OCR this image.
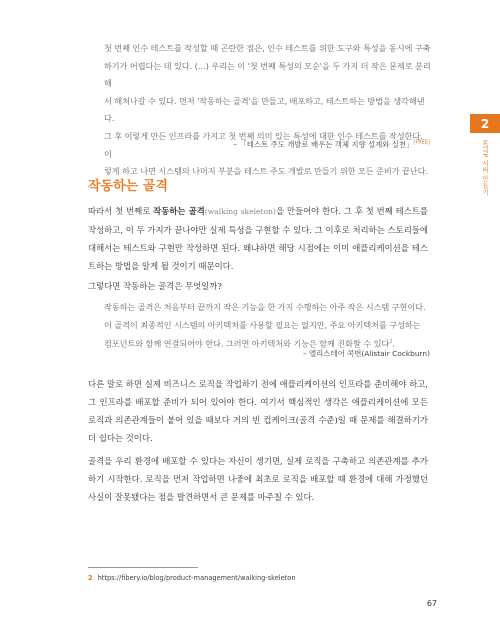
첫 번째 인수 테스트를 작성할 때 곤란한 점은, 인수 테스트를 위한 도구와 특성을 동시에 구축

하기가 어렵다는 데 있다. (…) 우리는 이 '첫 번째 특성의 모순'을 두 가지 더 작은 문제로 분리해

서 해쳐나갈 수 있다. 먼저 '작동하는 골격'을 만들고, 배포하고, 테스트하는 방법을 생각해낸다.

그 후 이렇게 만든 인프라를 가지고 첫 번째 의미 있는 특성에 대한 인수 테스트를 작성한다. 이

렇게 하고 나면 시스템의 나머지 부분을 테스트 주도 개발로 만들기 위한 모든 준비가 끝난다.

– 「테스트 주도 개발로 배우는 객체 지향 설계와 실천」[FREE]
2
HTTP 서버 만들기
작동하는 골격

따라서 첫 번째로 작동하는 골격(walking skeleton)을 만들어야 한다. 그 후 첫 번째 테스트를 작성하고, 이 두 가지가 끝나야만 실제 특성을 구현할 수 있다. 그 이후로 처리하는 스토리들에 대해서는 테스트와 구현만 작성하면 된다. 왜냐하면 해당 시점에는 이미 애플리케이션을 테스트하는 방법을 알게 될 것이기 때문이다.

그렇다면 작동하는 골격은 무엇일까?

작동하는 골격은 처음부터 끝까지 작은 기능을 한 가지 수행하는 아주 작은 시스템 구현이다. 이 골격이 최종적인 시스템의 아키텍처를 사용할 필요는 없지만, 주요 아키텍처를 구성하는 컴포넌트와 함께 연결되어야 한다. 그러면 아키텍처와 기능은 함께 진화할 수 있다$^2$.

– 앨리스테어 콕번(Alistair Cockburn)

다른 말로 하면 실제 비즈니스 로직을 작업하기 전에 애플리케이션의 인프라를 준비해야 하고, 그 인프라를 배포할 준비가 되어 있어야 한다. 여기서 핵심적인 생각은 애플리케이션에 모든 로직과 의존관계들이 붙어 있을 때보다 거의 빈 컵케이크(골격 수준)일 때 문제를 해결하기가 더 쉽다는 것이다.

골격을 우리 환경에 배포할 수 있다는 자신이 생기면, 실제 로직을 구축하고 의존관계를 추가하기 시작한다. 로직을 먼저 작업하면 나중에 최초로 로직을 배포할 때 환경에 대해 가정했던 사실이 잘못됐다는 점을 발견하면서 큰 문제를 마주칠 수 있다.

2 https://fibery.io/blog/product-management/walking-skeleton
67
